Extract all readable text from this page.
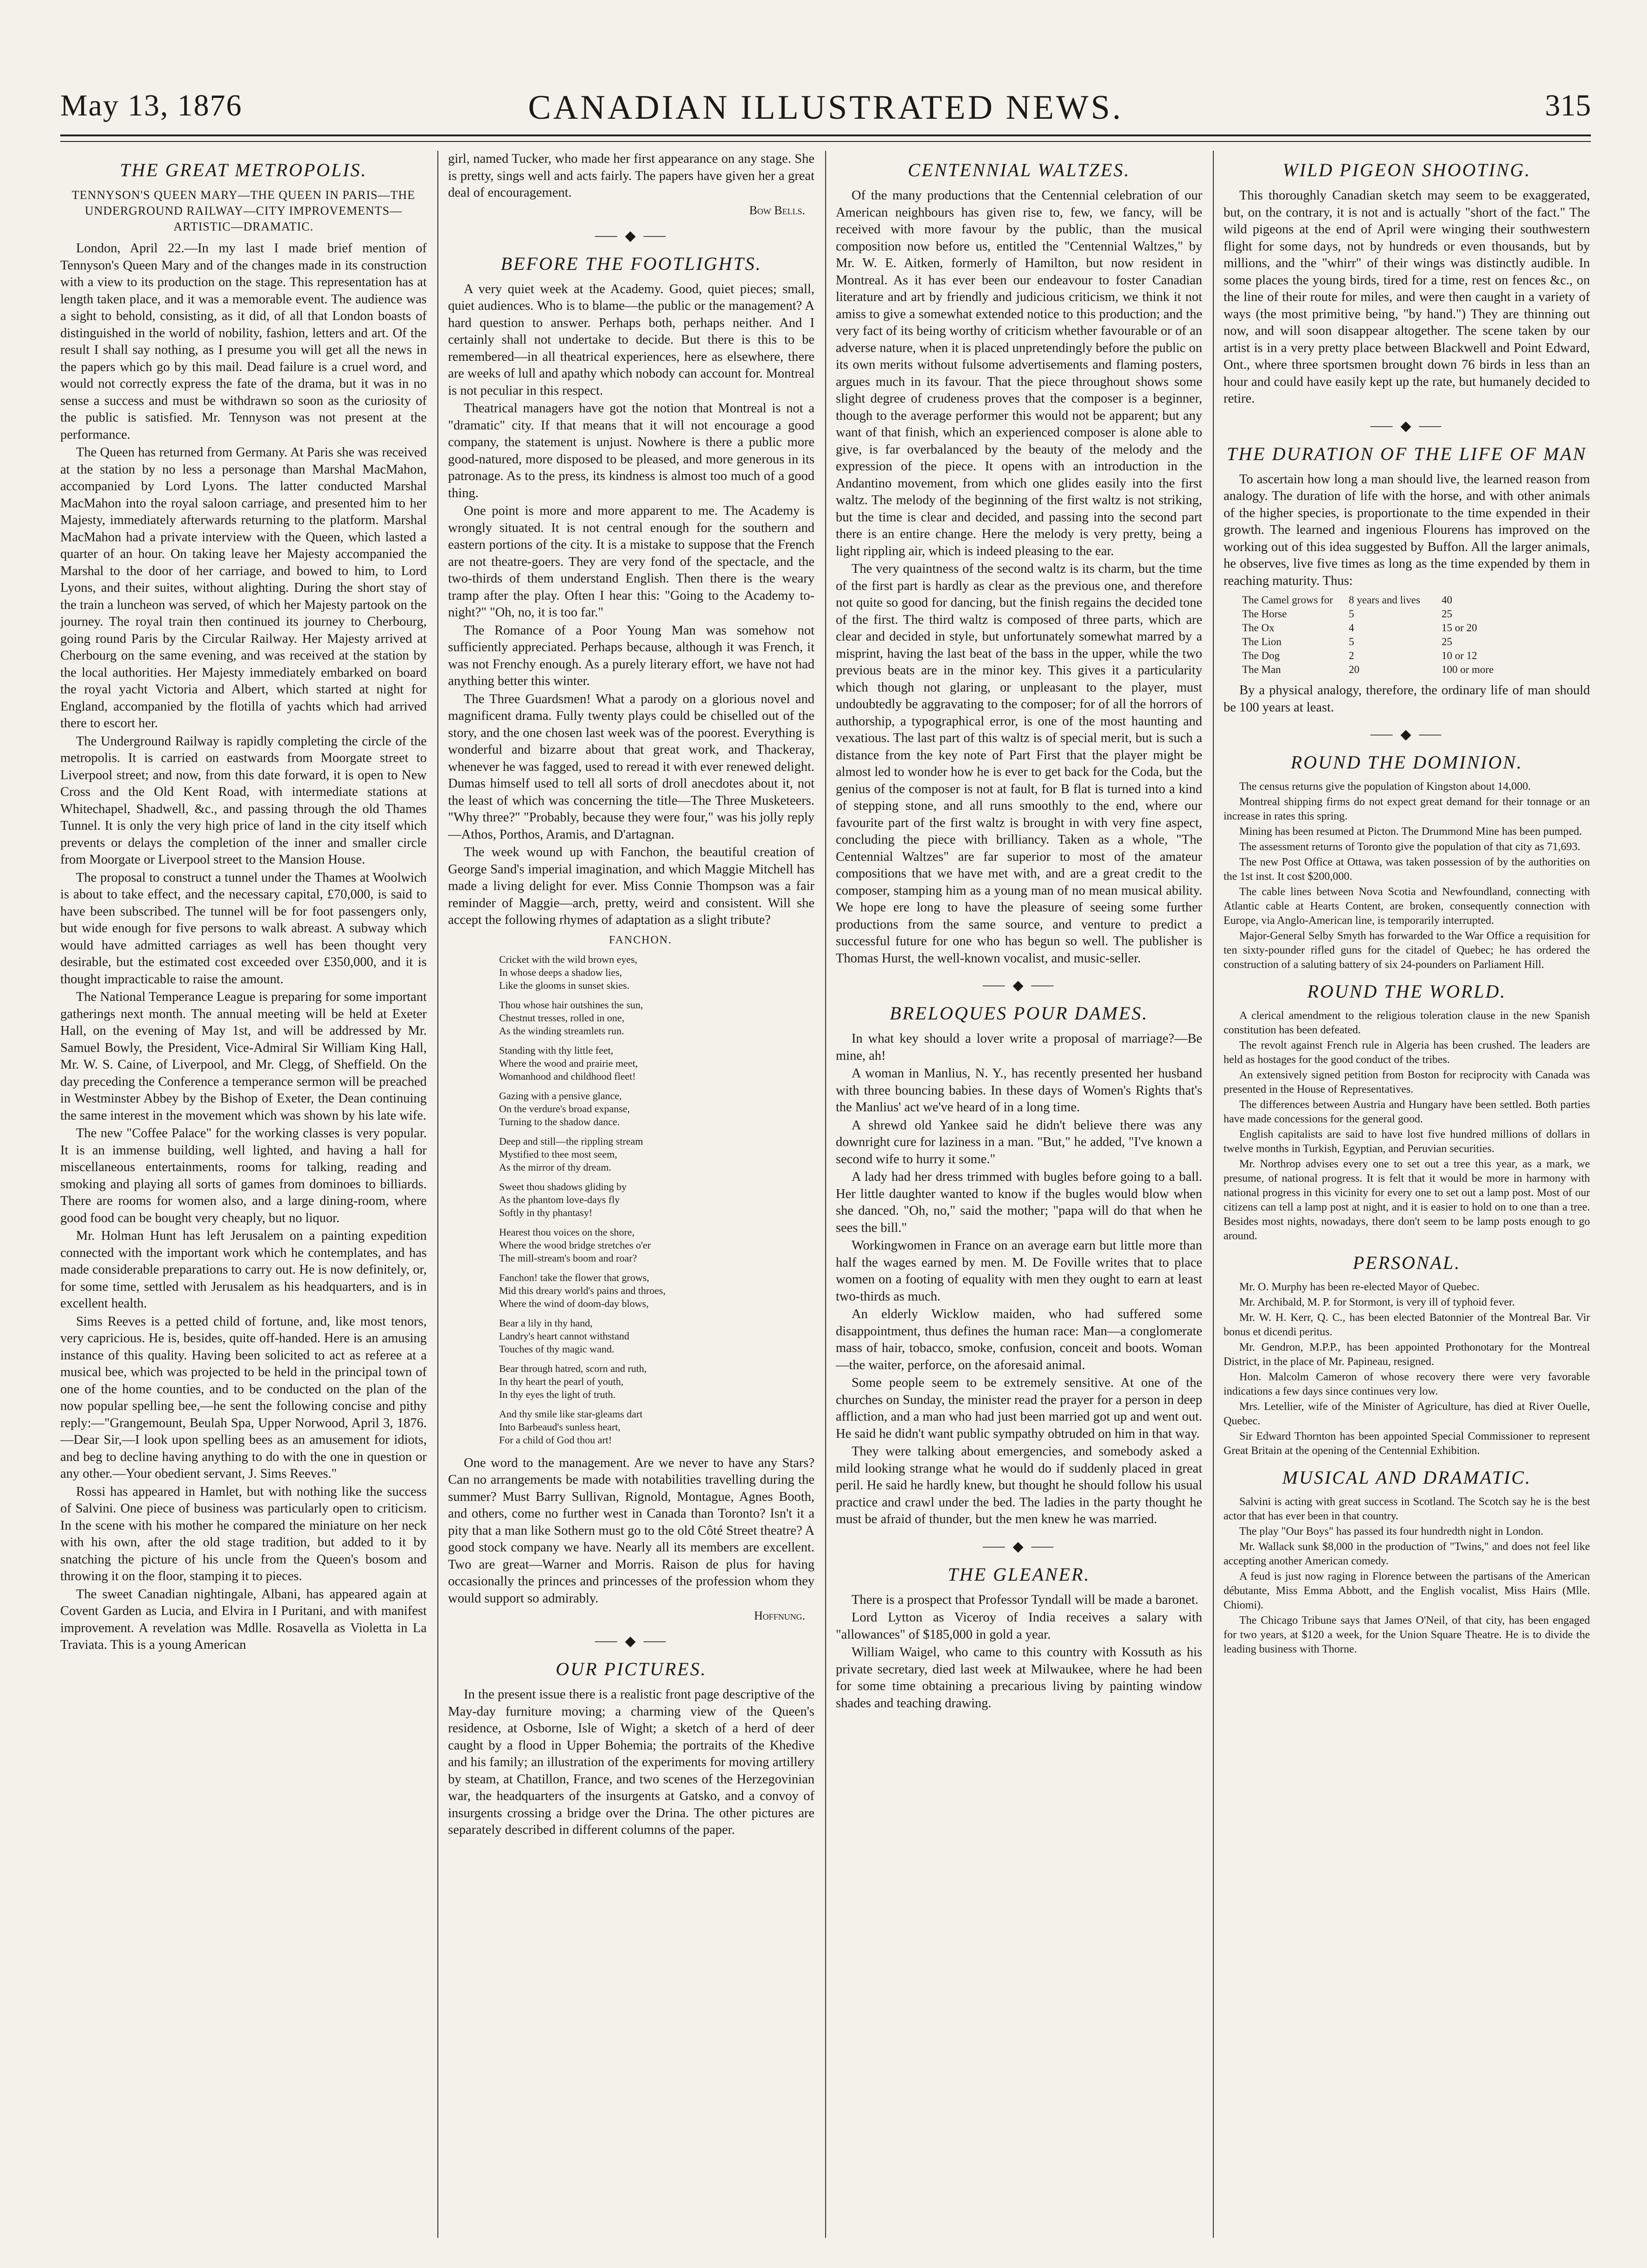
May 13, 1876	CANADIAN ILLUSTRATED NEWS.	315
THE GREAT METROPOLIS.
TENNYSON'S QUEEN MARY—THE QUEEN IN PARIS—THE UNDERGROUND RAILWAY—CITY IMPROVEMENTS—ARTISTIC—DRAMATIC.

London, April 22.—In my last I made brief mention of Tennyson's Queen Mary and of the changes made in its construction with a view to its production on the stage. This representation has at length taken place, and it was a memorable event. The audience was a sight to behold, consisting, as it did, of all that London boasts of distinguished in the world of nobility, fashion, letters and art. Of the result I shall say nothing, as I presume you will get all the news in the papers which go by this mail. Dead failure is a cruel word, and would not correctly express the fate of the drama, but it was in no sense a success and must be withdrawn so soon as the curiosity of the public is satisfied. Mr. Tennyson was not present at the performance.

The Queen has returned from Germany. At Paris she was received at the station by no less a personage than Marshal MacMahon, accompanied by Lord Lyons. The latter conducted Marshal MacMahon into the royal saloon carriage, and presented him to her Majesty, immediately afterwards returning to the platform. Marshal MacMahon had a private interview with the Queen, which lasted a quarter of an hour. On taking leave her Majesty accompanied the Marshal to the door of her carriage, and bowed to him, to Lord Lyons, and their suites, without alighting. During the short stay of the train a luncheon was served, of which her Majesty partook on the journey. The royal train then continued its journey to Cherbourg, going round Paris by the Circular Railway. Her Majesty arrived at Cherbourg on the same evening, and was received at the station by the local authorities. Her Majesty immediately embarked on board the royal yacht Victoria and Albert, which started at night for England, accompanied by the flotilla of yachts which had arrived there to escort her.

The Underground Railway is rapidly completing the circle of the metropolis. It is carried on eastwards from Moorgate street to Liverpool street; and now, from this date forward, it is open to New Cross and the Old Kent Road, with intermediate stations at Whitechapel, Shadwell, &c., and passing through the old Thames Tunnel. It is only the very high price of land in the city itself which prevents or delays the completion of the inner and smaller circle from Moorgate or Liverpool street to the Mansion House.

The proposal to construct a tunnel under the Thames at Woolwich is about to take effect, and the necessary capital, £70,000, is said to have been subscribed. The tunnel will be for foot passengers only, but wide enough for five persons to walk abreast. A subway which would have admitted carriages as well has been thought very desirable, but the estimated cost exceeded over £350,000, and it is thought impracticable to raise the amount.

The National Temperance League is preparing for some important gatherings next month. The annual meeting will be held at Exeter Hall, on the evening of May 1st, and will be addressed by Mr. Samuel Bowly, the President, Vice-Admiral Sir William King Hall, Mr. W. S. Caine, of Liverpool, and Mr. Clegg, of Sheffield. On the day preceding the Conference a temperance sermon will be preached in Westminster Abbey by the Bishop of Exeter, the Dean continuing the same interest in the movement which was shown by his late wife.

The new "Coffee Palace" for the working classes is very popular. It is an immense building, well lighted, and having a hall for miscellaneous entertainments, rooms for talking, reading and smoking and playing all sorts of games from dominoes to billiards. There are rooms for women also, and a large dining-room, where good food can be bought very cheaply, but no liquor.

Mr. Holman Hunt has left Jerusalem on a painting expedition connected with the important work which he contemplates, and has made considerable preparations to carry out. He is now definitely, or, for some time, settled with Jerusalem as his headquarters, and is in excellent health.

Sims Reeves is a petted child of fortune, and, like most tenors, very capricious. He is, besides, quite off-handed. Here is an amusing instance of this quality. Having been solicited to act as referee at a musical bee, which was projected to be held in the principal town of one of the home counties, and to be conducted on the plan of the now popular spelling bee,—he sent the following concise and pithy reply:—"Grangemount, Beulah Spa, Upper Norwood, April 3, 1876.—Dear Sir,—I look upon spelling bees as an amusement for idiots, and beg to decline having anything to do with the one in question or any other.—Your obedient servant, J. Sims Reeves."

Rossi has appeared in Hamlet, but with nothing like the success of Salvini. One piece of business was particularly open to criticism. In the scene with his mother he compared the miniature on her neck with his own, after the old stage tradition, but added to it by snatching the picture of his uncle from the Queen's bosom and throwing it on the floor, stamping it to pieces.

The sweet Canadian nightingale, Albani, has appeared again at Covent Garden as Lucia, and Elvira in I Puritani, and with manifest improvement. A revelation was Mdlle. Rosavella as Violetta in La Traviata. This is a young American

girl, named Tucker, who made her first appearance on any stage. She is pretty, sings well and acts fairly. The papers have given her a great deal of encouragement.

Bow Bells.
⸺ ◆ ⸺
BEFORE THE FOOTLIGHTS.

A very quiet week at the Academy. Good, quiet pieces; small, quiet audiences. Who is to blame—the public or the management? A hard question to answer. Perhaps both, perhaps neither. And I certainly shall not undertake to decide. But there is this to be remembered—in all theatrical experiences, here as elsewhere, there are weeks of lull and apathy which nobody can account for. Montreal is not peculiar in this respect.

Theatrical managers have got the notion that Montreal is not a "dramatic" city. If that means that it will not encourage a good company, the statement is unjust. Nowhere is there a public more good-natured, more disposed to be pleased, and more generous in its patronage. As to the press, its kindness is almost too much of a good thing.

One point is more and more apparent to me. The Academy is wrongly situated. It is not central enough for the southern and eastern portions of the city. It is a mistake to suppose that the French are not theatre-goers. They are very fond of the spectacle, and the two-thirds of them understand English. Then there is the weary tramp after the play. Often I hear this: "Going to the Academy to-night?" "Oh, no, it is too far."

The Romance of a Poor Young Man was somehow not sufficiently appreciated. Perhaps because, although it was French, it was not Frenchy enough. As a purely literary effort, we have not had anything better this winter.

The Three Guardsmen! What a parody on a glorious novel and magnificent drama. Fully twenty plays could be chiselled out of the story, and the one chosen last week was of the poorest. Everything is wonderful and bizarre about that great work, and Thackeray, whenever he was fagged, used to reread it with ever renewed delight. Dumas himself used to tell all sorts of droll anecdotes about it, not the least of which was concerning the title—The Three Musketeers. "Why three?" "Probably, because they were four," was his jolly reply—Athos, Porthos, Aramis, and D'artagnan.

The week wound up with Fanchon, the beautiful creation of George Sand's imperial imagination, and which Maggie Mitchell has made a living delight for ever. Miss Connie Thompson was a fair reminder of Maggie—arch, pretty, weird and consistent. Will she accept the following rhymes of adaptation as a slight tribute?

FANCHON.
Cricket with the wild brown eyes,
In whose deeps a shadow lies,
Like the glooms in sunset skies.
Thou whose hair outshines the sun,
Chestnut tresses, rolled in one,
As the winding streamlets run.
Standing with thy little feet,
Where the wood and prairie meet,
Womanhood and childhood fleet!
Gazing with a pensive glance,
On the verdure's broad expanse,
Turning to the shadow dance.
Deep and still—the rippling stream
Mystified to thee most seem,
As the mirror of thy dream.
Sweet thou shadows gliding by
As the phantom love-days fly
Softly in thy phantasy!
Hearest thou voices on the shore,
Where the wood bridge stretches o'er
The mill-stream's boom and roar?
Fanchon! take the flower that grows,
Mid this dreary world's pains and throes,
Where the wind of doom-day blows,
Bear a lily in thy hand,
Landry's heart cannot withstand
Touches of thy magic wand.
Bear through hatred, scorn and ruth,
In thy heart the pearl of youth,
In thy eyes the light of truth.
And thy smile like star-gleams dart
Into Barbeaud's sunless heart,
For a child of God thou art!

One word to the management. Are we never to have any Stars? Can no arrangements be made with notabilities travelling during the summer? Must Barry Sullivan, Rignold, Montague, Agnes Booth, and others, come no further west in Canada than Toronto? Isn't it a pity that a man like Sothern must go to the old Côté Street theatre? A good stock company we have. Nearly all its members are excellent. Two are great—Warner and Morris. Raison de plus for having occasionally the princes and princesses of the profession whom they would support so admirably.

Hoffnung.
⸺ ◆ ⸺
OUR PICTURES.

In the present issue there is a realistic front page descriptive of the May-day furniture moving; a charming view of the Queen's residence, at Osborne, Isle of Wight; a sketch of a herd of deer caught by a flood in Upper Bohemia; the portraits of the Khedive and his family; an illustration of the experiments for moving artillery by steam, at Chatillon, France, and two scenes of the Herzegovinian war, the headquarters of the insurgents at Gatsko, and a convoy of insurgents crossing a bridge over the Drina. The other pictures are separately described in different columns of the paper.

CENTENNIAL WALTZES.

Of the many productions that the Centennial celebration of our American neighbours has given rise to, few, we fancy, will be received with more favour by the public, than the musical composition now before us, entitled the "Centennial Waltzes," by Mr. W. E. Aitken, formerly of Hamilton, but now resident in Montreal. As it has ever been our endeavour to foster Canadian literature and art by friendly and judicious criticism, we think it not amiss to give a somewhat extended notice to this production; and the very fact of its being worthy of criticism whether favourable or of an adverse nature, when it is placed unpretendingly before the public on its own merits without fulsome advertisements and flaming posters, argues much in its favour. That the piece throughout shows some slight degree of crudeness proves that the composer is a beginner, though to the average performer this would not be apparent; but any want of that finish, which an experienced composer is alone able to give, is far overbalanced by the beauty of the melody and the expression of the piece. It opens with an introduction in the Andantino movement, from which one glides easily into the first waltz. The melody of the beginning of the first waltz is not striking, but the time is clear and decided, and passing into the second part there is an entire change. Here the melody is very pretty, being a light rippling air, which is indeed pleasing to the ear.

The very quaintness of the second waltz is its charm, but the time of the first part is hardly as clear as the previous one, and therefore not quite so good for dancing, but the finish regains the decided tone of the first. The third waltz is composed of three parts, which are clear and decided in style, but unfortunately somewhat marred by a misprint, having the last beat of the bass in the upper, while the two previous beats are in the minor key. This gives it a particularity which though not glaring, or unpleasant to the player, must undoubtedly be aggravating to the composer; for of all the horrors of authorship, a typographical error, is one of the most haunting and vexatious. The last part of this waltz is of special merit, but is such a distance from the key note of Part First that the player might be almost led to wonder how he is ever to get back for the Coda, but the genius of the composer is not at fault, for B flat is turned into a kind of stepping stone, and all runs smoothly to the end, where our favourite part of the first waltz is brought in with very fine aspect, concluding the piece with brilliancy. Taken as a whole, "The Centennial Waltzes" are far superior to most of the amateur compositions that we have met with, and are a great credit to the composer, stamping him as a young man of no mean musical ability. We hope ere long to have the pleasure of seeing some further productions from the same source, and venture to predict a successful future for one who has begun so well. The publisher is Thomas Hurst, the well-known vocalist, and music-seller.

⸺ ◆ ⸺
BRELOQUES POUR DAMES.

In what key should a lover write a proposal of marriage?—Be mine, ah!

A woman in Manlius, N. Y., has recently presented her husband with three bouncing babies. In these days of Women's Rights that's the Manlius' act we've heard of in a long time.

A shrewd old Yankee said he didn't believe there was any downright cure for laziness in a man. "But," he added, "I've known a second wife to hurry it some."

A lady had her dress trimmed with bugles before going to a ball. Her little daughter wanted to know if the bugles would blow when she danced. "Oh, no," said the mother; "papa will do that when he sees the bill."

Workingwomen in France on an average earn but little more than half the wages earned by men. M. De Foville writes that to place women on a footing of equality with men they ought to earn at least two-thirds as much.

An elderly Wicklow maiden, who had suffered some disappointment, thus defines the human race: Man—a conglomerate mass of hair, tobacco, smoke, confusion, conceit and boots. Woman—the waiter, perforce, on the aforesaid animal.

Some people seem to be extremely sensitive. At one of the churches on Sunday, the minister read the prayer for a person in deep affliction, and a man who had just been married got up and went out. He said he didn't want public sympathy obtruded on him in that way.

They were talking about emergencies, and somebody asked a mild looking strange what he would do if suddenly placed in great peril. He said he hardly knew, but thought he should follow his usual practice and crawl under the bed. The ladies in the party thought he must be afraid of thunder, but the men knew he was married.

⸺ ◆ ⸺
THE GLEANER.

There is a prospect that Professor Tyndall will be made a baronet.

Lord Lytton as Viceroy of India receives a salary with "allowances" of $185,000 in gold a year.

William Waigel, who came to this country with Kossuth as his private secretary, died last week at Milwaukee, where he had been for some time obtaining a precarious living by painting window shades and teaching drawing.

WILD PIGEON SHOOTING.

This thoroughly Canadian sketch may seem to be exaggerated, but, on the contrary, it is not and is actually "short of the fact." The wild pigeons at the end of April were winging their southwestern flight for some days, not by hundreds or even thousands, but by millions, and the "whirr" of their wings was distinctly audible. In some places the young birds, tired for a time, rest on fences &c., on the line of their route for miles, and were then caught in a variety of ways (the most primitive being, "by hand.") They are thinning out now, and will soon disappear altogether. The scene taken by our artist is in a very pretty place between Blackwell and Point Edward, Ont., where three sportsmen brought down 76 birds in less than an hour and could have easily kept up the rate, but humanely decided to retire.

⸺ ◆ ⸺
THE DURATION OF THE LIFE OF MAN

To ascertain how long a man should live, the learned reason from analogy. The duration of life with the horse, and with other animals of the higher species, is proportionate to the time expended in their growth. The learned and ingenious Flourens has improved on the working out of this idea suggested by Buffon. All the larger animals, he observes, live five times as long as the time expended by them in reaching maturity. Thus:

The Camel grows for	8 years and lives	40
The Horse	5	25
The Ox	4	15 or 20
The Lion	5	25
The Dog	2	10 or 12
The Man	20	100 or more

By a physical analogy, therefore, the ordinary life of man should be 100 years at least.

⸺ ◆ ⸺
ROUND THE DOMINION.

The census returns give the population of Kingston about 14,000.

Montreal shipping firms do not expect great demand for their tonnage or an increase in rates this spring.

Mining has been resumed at Picton. The Drummond Mine has been pumped.

The assessment returns of Toronto give the population of that city as 71,693.

The new Post Office at Ottawa, was taken possession of by the authorities on the 1st inst. It cost $200,000.

The cable lines between Nova Scotia and Newfoundland, connecting with Atlantic cable at Hearts Content, are broken, consequently connection with Europe, via Anglo-American line, is temporarily interrupted.

Major-General Selby Smyth has forwarded to the War Office a requisition for ten sixty-pounder rifled guns for the citadel of Quebec; he has ordered the construction of a saluting battery of six 24-pounders on Parliament Hill.

ROUND THE WORLD.

A clerical amendment to the religious toleration clause in the new Spanish constitution has been defeated.

The revolt against French rule in Algeria has been crushed. The leaders are held as hostages for the good conduct of the tribes.

An extensively signed petition from Boston for reciprocity with Canada was presented in the House of Representatives.

The differences between Austria and Hungary have been settled. Both parties have made concessions for the general good.

English capitalists are said to have lost five hundred millions of dollars in twelve months in Turkish, Egyptian, and Peruvian securities.

Mr. Northrop advises every one to set out a tree this year, as a mark, we presume, of national progress. It is felt that it would be more in harmony with national progress in this vicinity for every one to set out a lamp post. Most of our citizens can tell a lamp post at night, and it is easier to hold on to one than a tree. Besides most nights, nowadays, there don't seem to be lamp posts enough to go around.

PERSONAL.

Mr. O. Murphy has been re-elected Mayor of Quebec.

Mr. Archibald, M. P. for Stormont, is very ill of typhoid fever.

Mr. W. H. Kerr, Q. C., has been elected Batonnier of the Montreal Bar. Vir bonus et dicendi peritus.

Mr. Gendron, M.P.P., has been appointed Prothonotary for the Montreal District, in the place of Mr. Papineau, resigned.

Hon. Malcolm Cameron of whose recovery there were very favorable indications a few days since continues very low.

Mrs. Letellier, wife of the Minister of Agriculture, has died at River Ouelle, Quebec.

Sir Edward Thornton has been appointed Special Commissioner to represent Great Britain at the opening of the Centennial Exhibition.

MUSICAL AND DRAMATIC.

Salvini is acting with great success in Scotland. The Scotch say he is the best actor that has ever been in that country.

The play "Our Boys" has passed its four hundredth night in London.

Mr. Wallack sunk $8,000 in the production of "Twins," and does not feel like accepting another American comedy.

A feud is just now raging in Florence between the partisans of the American débutante, Miss Emma Abbott, and the English vocalist, Miss Hairs (Mlle. Chiomi).

The Chicago Tribune says that James O'Neil, of that city, has been engaged for two years, at $120 a week, for the Union Square Theatre. He is to divide the leading business with Thorne.
